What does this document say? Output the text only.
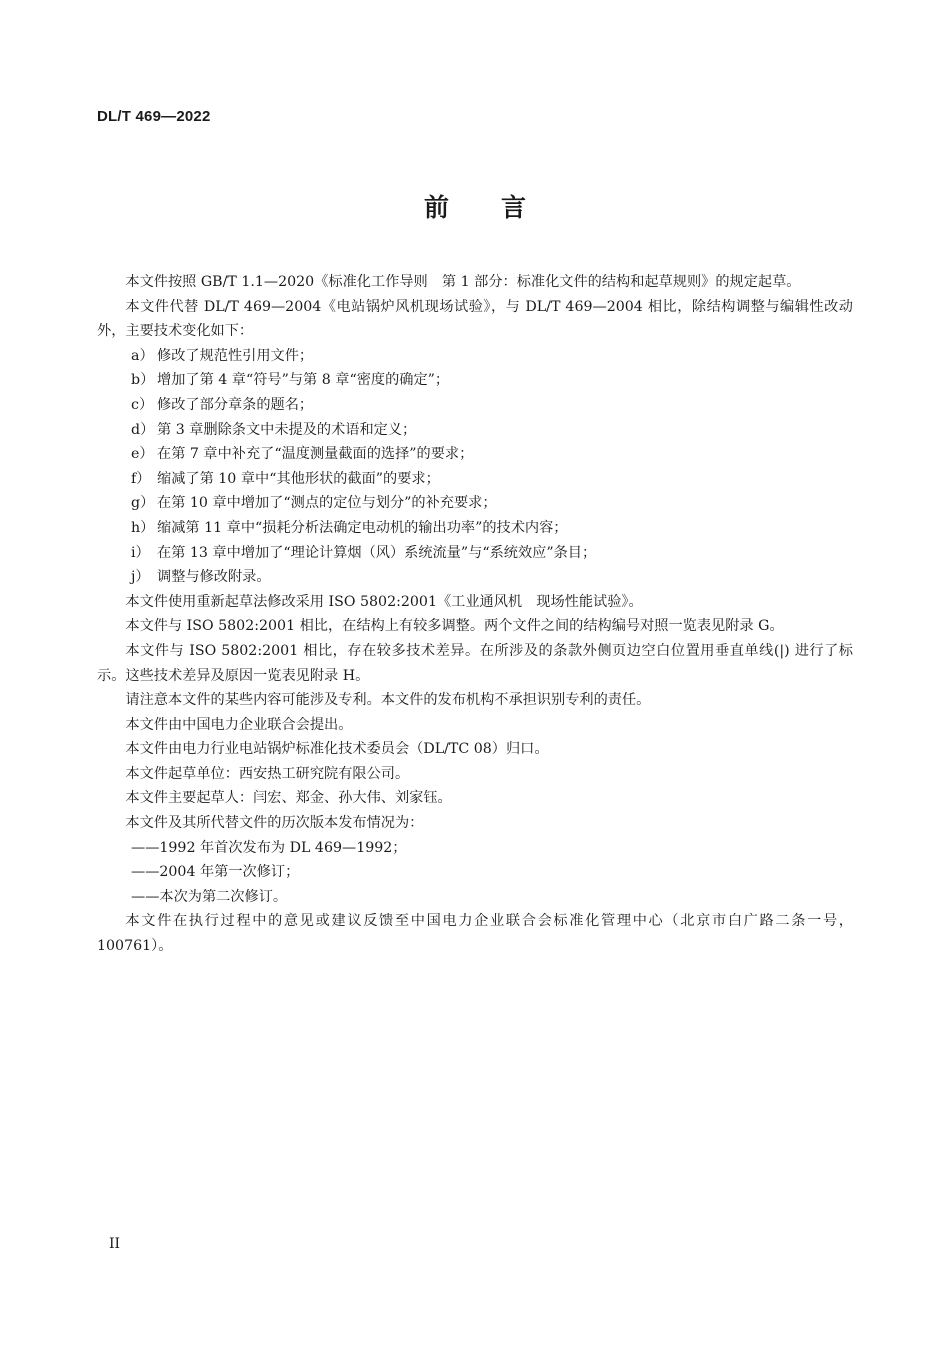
DL/T 469—2022
前 言

本文件按照 GB/T 1.1—2020《标准化工作导则　第 1 部分：标准化文件的结构和起草规则》的规定起草。

本文件代替 DL/T 469—2004《电站锅炉风机现场试验》，与 DL/T 469—2004 相比，除结构调整与编辑性改动外，主要技术变化如下：

a） 修改了规范性引用文件；

b） 增加了第 4 章“符号”与第 8 章“密度的确定”；

c） 修改了部分章条的题名；

d） 第 3 章删除条文中未提及的术语和定义；

e） 在第 7 章中补充了“温度测量截面的选择”的要求；

f） 缩减了第 10 章中“其他形状的截面”的要求；

g） 在第 10 章中增加了“测点的定位与划分”的补充要求；

h） 缩减第 11 章中“损耗分析法确定电动机的输出功率”的技术内容；

i） 在第 13 章中增加了“理论计算烟（风）系统流量”与“系统效应”条目；

j） 调整与修改附录。

本文件使用重新起草法修改采用 ISO 5802:2001《工业通风机　现场性能试验》。

本文件与 ISO 5802:2001 相比，在结构上有较多调整。两个文件之间的结构编号对照一览表见附录 G。

本文件与 ISO 5802:2001 相比，存在较多技术差异。在所涉及的条款外侧页边空白位置用垂直单线(|) 进行了标示。这些技术差异及原因一览表见附录 H。

请注意本文件的某些内容可能涉及专利。本文件的发布机构不承担识别专利的责任。

本文件由中国电力企业联合会提出。

本文件由电力行业电站锅炉标准化技术委员会（DL/TC 08）归口。

本文件起草单位：西安热工研究院有限公司。

本文件主要起草人：闫宏、郑金、孙大伟、刘家钰。

本文件及其所代替文件的历次版本发布情况为：

——1992 年首次发布为 DL 469—1992；

——2004 年第一次修订；

——本次为第二次修订。

本文件在执行过程中的意见或建议反馈至中国电力企业联合会标准化管理中心（北京市白广路二条一号，100761）。

II
